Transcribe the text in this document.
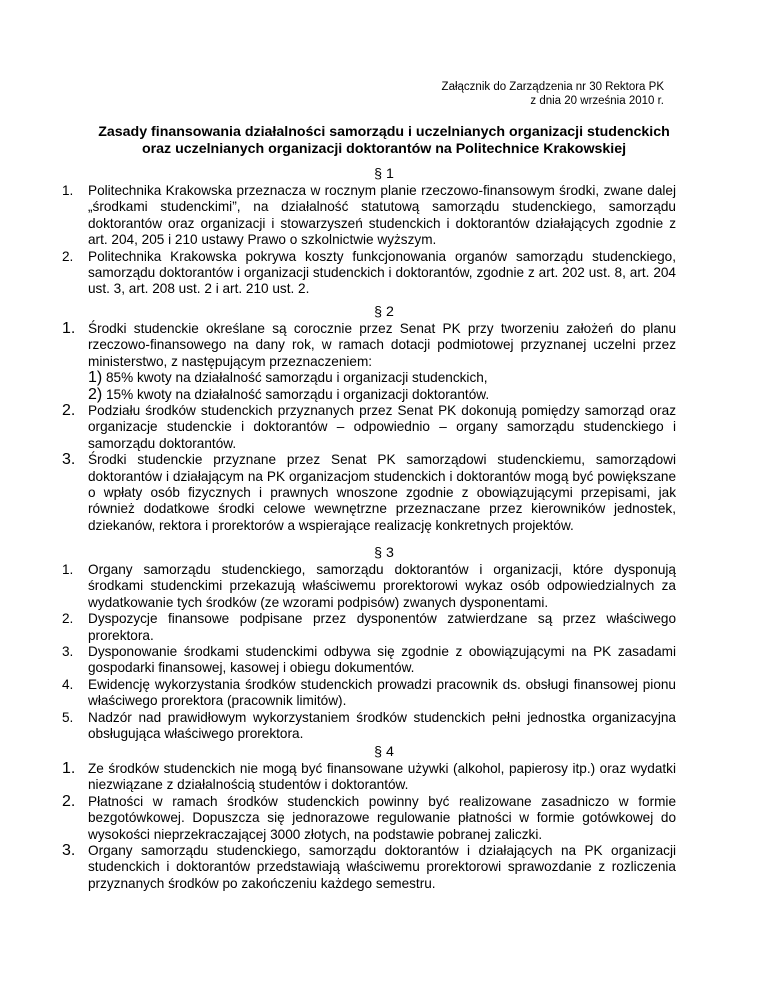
Załącznik do Zarządzenia nr 30 Rektora PK
z dnia 20 września 2010 r.
Zasady finansowania działalności samorządu i uczelnianych organizacji studenckich
oraz uczelnianych organizacji doktorantów na Politechnice Krakowskiej
§ 1
1. Politechnika Krakowska przeznacza w rocznym planie rzeczowo-finansowym środki, zwane dalej „środkami studenckimi”, na działalność statutową samorządu studenckiego, samorządu doktorantów oraz organizacji i stowarzyszeń studenckich i doktorantów działających zgodnie z art. 204, 205 i 210 ustawy Prawo o szkolnictwie wyższym.
2. Politechnika Krakowska pokrywa koszty funkcjonowania organów samorządu studenckiego, samorządu doktorantów i organizacji studenckich i doktorantów, zgodnie z art. 202 ust. 8, art. 204 ust. 3, art. 208 ust. 2 i art. 210 ust. 2.
§ 2
1. Środki studenckie określane są corocznie przez Senat PK przy tworzeniu założeń do planu rzeczowo-finansowego na dany rok, w ramach dotacji podmiotowej przyznanej uczelni przez ministerstwo, z następującym przeznaczeniem:
1) 85% kwoty na działalność samorządu i organizacji studenckich,
2) 15% kwoty na działalność samorządu i organizacji doktorantów.
2. Podziału środków studenckich przyznanych przez Senat PK dokonują pomiędzy samorząd oraz organizacje studenckie i doktorantów – odpowiednio – organy samorządu studenckiego i samorządu doktorantów.
3. Środki studenckie przyznane przez Senat PK samorządowi studenckiemu, samorządowi doktorantów i działającym na PK organizacjom studenckich i doktorantów mogą być powiększane o wpłaty osób fizycznych i prawnych wnoszone zgodnie z obowiązującymi przepisami, jak również dodatkowe środki celowe wewnętrzne przeznaczane przez kierowników jednostek, dziekanów, rektora i prorektorów a wspierające realizację konkretnych projektów.
§ 3
1. Organy samorządu studenckiego, samorządu doktorantów i organizacji, które dysponują środkami studenckimi przekazują właściwemu prorektorowi wykaz osób odpowiedzialnych za wydatkowanie tych środków (ze wzorami podpisów) zwanych dysponentami.
2. Dyspozycje finansowe podpisane przez dysponentów zatwierdzane są przez właściwego prorektora.
3. Dysponowanie środkami studenckimi odbywa się zgodnie z obowiązującymi na PK zasadami gospodarki finansowej, kasowej i obiegu dokumentów.
4. Ewidencję wykorzystania środków studenckich prowadzi pracownik ds. obsługi finansowej pionu właściwego prorektora (pracownik limitów).
5. Nadzór nad prawidłowym wykorzystaniem środków studenckich pełni jednostka organizacyjna obsługująca właściwego prorektora.
§ 4
1. Ze środków studenckich nie mogą być finansowane używki (alkohol, papierosy itp.) oraz wydatki niezwiązane z działalnością studentów i doktorantów.
2. Płatności w ramach środków studenckich powinny być realizowane zasadniczo w formie bezgotówkowej. Dopuszcza się jednorazowe regulowanie płatności w formie gotówkowej do wysokości nieprzekraczającej 3000 złotych, na podstawie pobranej zaliczki.
3. Organy samorządu studenckiego, samorządu doktorantów i działających na PK organizacji studenckich i doktorantów przedstawiają właściwemu prorektorowi sprawozdanie z rozliczenia przyznanych środków po zakończeniu każdego semestru.
